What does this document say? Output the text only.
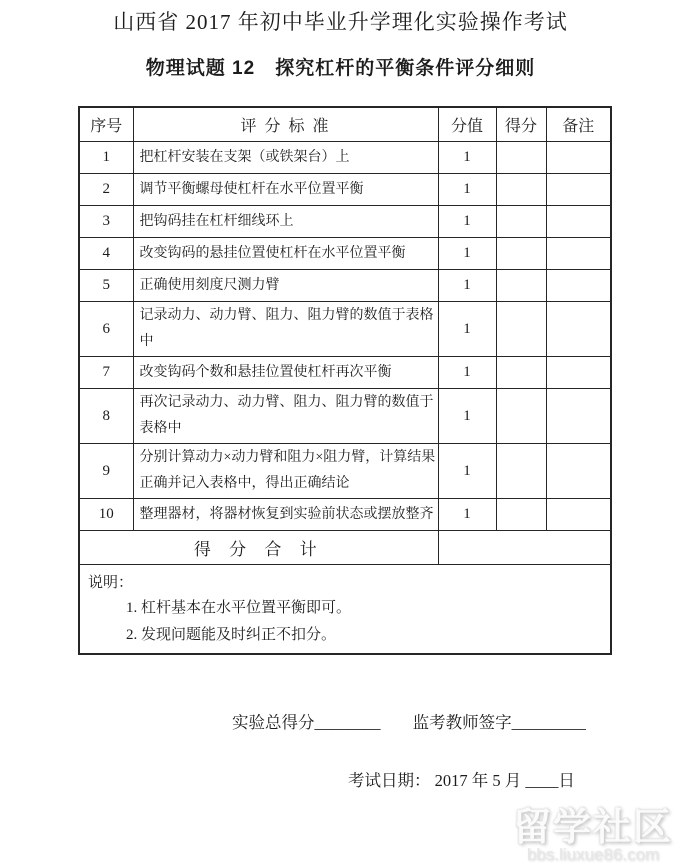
山西省 2017 年初中毕业升学理化实验操作考试
物理试题 12　探究杠杆的平衡条件评分细则
序号	评 分 标 准	分值	得分	备注
1	把杠杆安装在支架（或铁架台）上	1		
2	调节平衡螺母使杠杆在水平位置平衡	1		
3	把钩码挂在杠杆细线环上	1		
4	改变钩码的悬挂位置使杠杆在水平位置平衡	1		
5	正确使用刻度尺测力臂	1		
6	记录动力、动力臂、阻力、阻力臂的数值于表格中	1		
7	改变钩码个数和悬挂位置使杠杆再次平衡	1		
8	再次记录动力、动力臂、阻力、阻力臂的数值于表格中	1		
9	分别计算动力×动力臂和阻力×阻力臂，计算结果正确并记入表格中，得出正确结论	1		
10	整理器材，将器材恢复到实验前状态或摆放整齐	1		
得 分 合 计				

说明：
1. 杠杆基本在水平位置平衡即可。
2. 发现问题能及时纠正不扣分。				
实验总得分________ 监考教师签字_________
考试日期： 2017 年 5 月 ____日
留学社区
bbs.liuxue86.com
